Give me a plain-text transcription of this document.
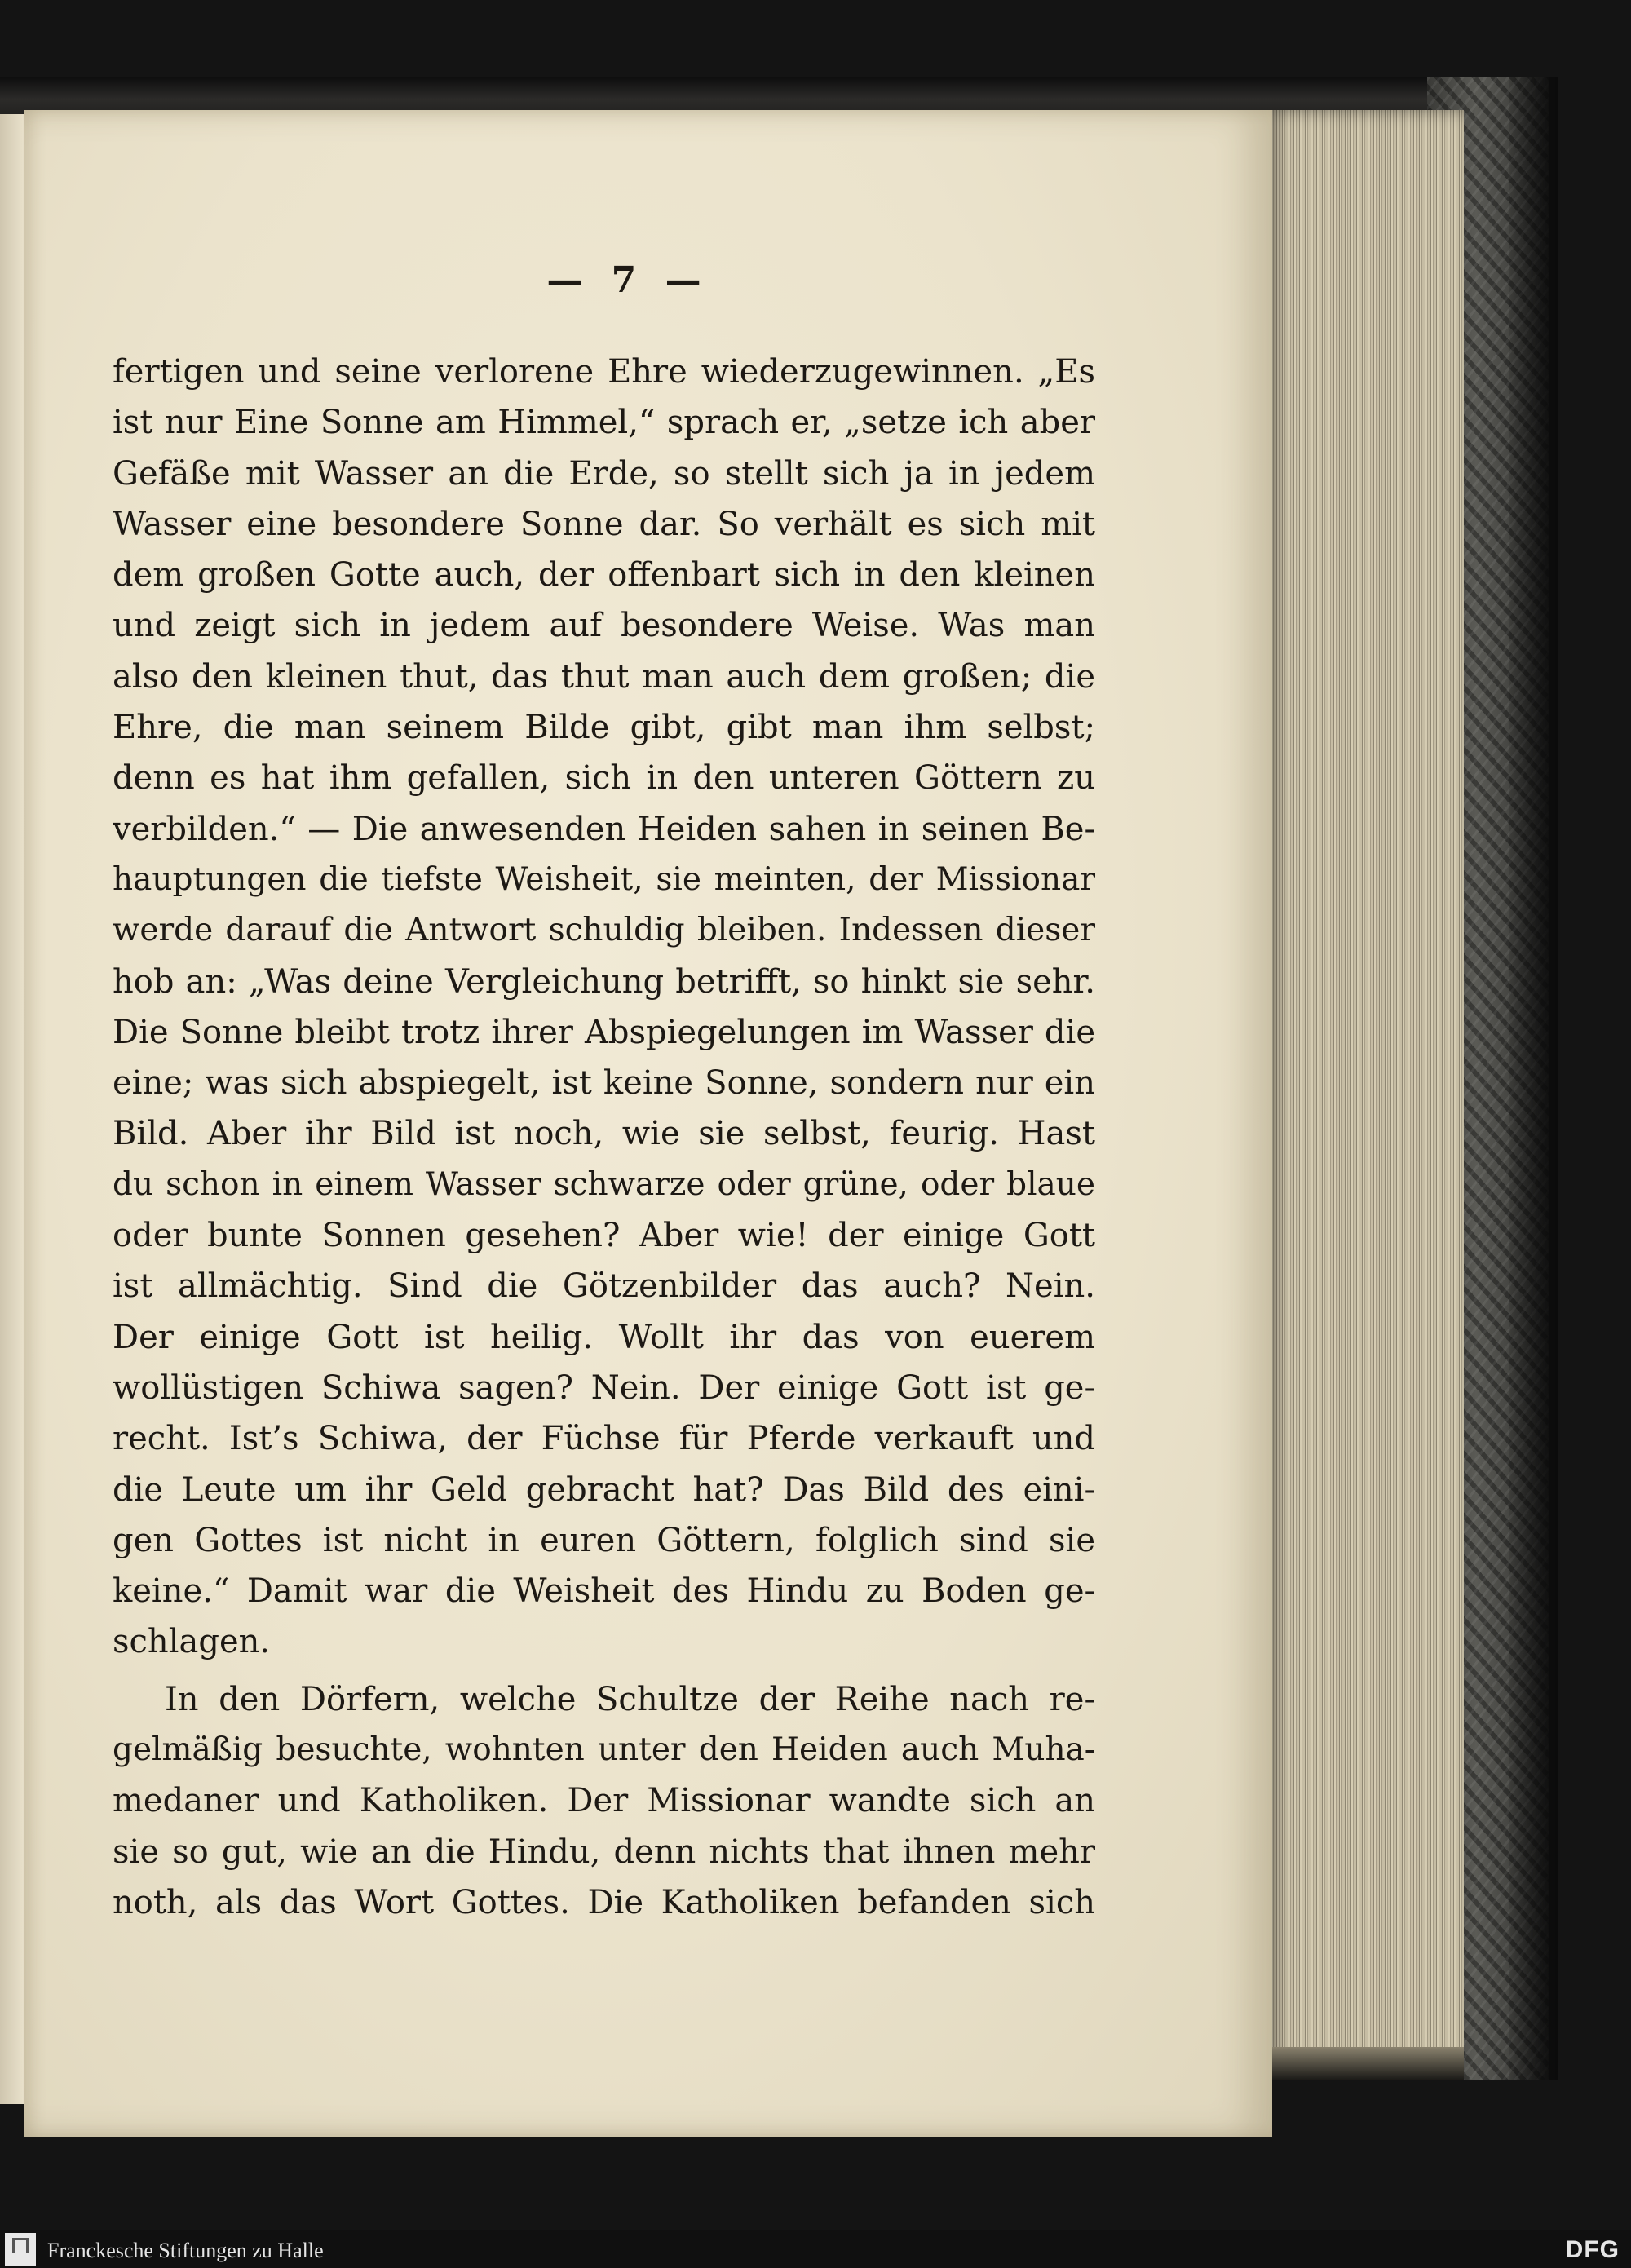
— 7 —

fertigen und seine verlorene Ehre wiederzugewinnen. „Es

ist nur Eine Sonne am Himmel,“ sprach er, „setze ich aber

Gefäße mit Wasser an die Erde, so stellt sich ja in jedem

Wasser eine besondere Sonne dar. So verhält es sich mit

dem großen Gotte auch, der offenbart sich in den kleinen

und zeigt sich in jedem auf besondere Weise. Was man

also den kleinen thut, das thut man auch dem großen; die

Ehre, die man seinem Bilde gibt, gibt man ihm selbst;

denn es hat ihm gefallen, sich in den unteren Göttern zu

verbilden.“ — Die anwesenden Heiden sahen in seinen Be-

hauptungen die tiefste Weisheit, sie meinten, der Missionar

werde darauf die Antwort schuldig bleiben. Indessen dieser

hob an: „Was deine Vergleichung betrifft, so hinkt sie sehr.

Die Sonne bleibt trotz ihrer Abspiegelungen im Wasser die

eine; was sich abspiegelt, ist keine Sonne, sondern nur ein

Bild. Aber ihr Bild ist noch, wie sie selbst, feurig. Hast

du schon in einem Wasser schwarze oder grüne, oder blaue

oder bunte Sonnen gesehen? Aber wie! der einige Gott

ist allmächtig. Sind die Götzenbilder das auch? Nein.

Der einige Gott ist heilig. Wollt ihr das von euerem

wollüstigen Schiwa sagen? Nein. Der einige Gott ist ge-

recht. Ist’s Schiwa, der Füchse für Pferde verkauft und

die Leute um ihr Geld gebracht hat? Das Bild des eini-

gen Gottes ist nicht in euren Göttern, folglich sind sie

keine.“ Damit war die Weisheit des Hindu zu Boden ge-

schlagen.

In den Dörfern, welche Schultze der Reihe nach re-

gelmäßig besuchte, wohnten unter den Heiden auch Muha-

medaner und Katholiken. Der Missionar wandte sich an

sie so gut, wie an die Hindu, denn nichts that ihnen mehr

noth, als das Wort Gottes. Die Katholiken befanden sich

Franckesche Stiftungen zu Halle	DFG
